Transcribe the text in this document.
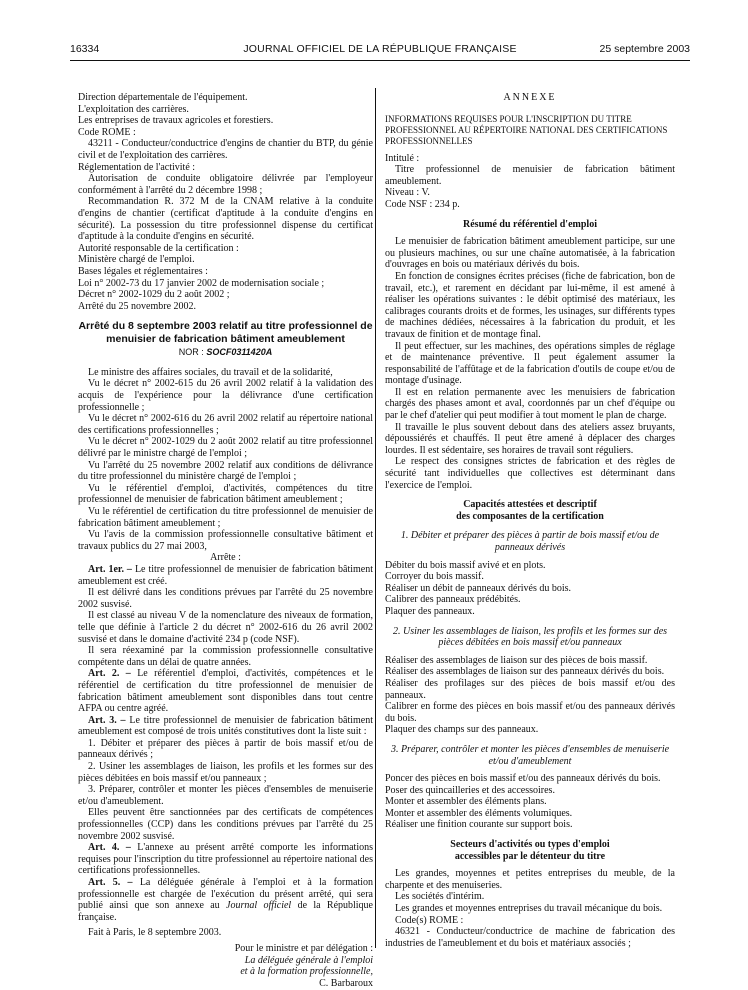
16334	JOURNAL OFFICIEL DE LA RÉPUBLIQUE FRANÇAISE	25 septembre 2003

Direction départementale de l'équipement.

L'exploitation des carrières.

Les entreprises de travaux agricoles et forestiers.

Code ROME :

43211 - Conducteur/conductrice d'engins de chantier du BTP, du génie civil et de l'exploitation des carrières.

Réglementation de l'activité :

Autorisation de conduite obligatoire délivrée par l'employeur conformément à l'arrêté du 2 décembre 1998 ;

Recommandation R. 372 M de la CNAM relative à la conduite d'engins de chantier (certificat d'aptitude à la conduite d'engins en sécurité). La possession du titre professionnel dispense du certificat d'aptitude à la conduite d'engins en sécurité.

Autorité responsable de la certification :

Ministère chargé de l'emploi.

Bases légales et réglementaires :

Loi n° 2002-73 du 17 janvier 2002 de modernisation sociale ;

Décret n° 2002-1029 du 2 août 2002 ;

Arrêté du 25 novembre 2002.

Arrêté du 8 septembre 2003 relatif au titre professionnel de menuisier de fabrication bâtiment ameublement
NOR : SOCF0311420A

Le ministre des affaires sociales, du travail et de la solidarité,

Vu le décret n° 2002-615 du 26 avril 2002 relatif à la validation des acquis de l'expérience pour la délivrance d'une certification professionnelle ;

Vu le décret n° 2002-616 du 26 avril 2002 relatif au répertoire national des certifications professionnelles ;

Vu le décret n° 2002-1029 du 2 août 2002 relatif au titre professionnel délivré par le ministre chargé de l'emploi ;

Vu l'arrêté du 25 novembre 2002 relatif aux conditions de délivrance du titre professionnel du ministère chargé de l'emploi ;

Vu le référentiel d'emploi, d'activités, compétences du titre professionnel de menuisier de fabrication bâtiment ameublement ;

Vu le référentiel de certification du titre professionnel de menuisier de fabrication bâtiment ameublement ;

Vu l'avis de la commission professionnelle consultative bâtiment et travaux publics du 27 mai 2003,

Arrête :

Art. 1er. – Le titre professionnel de menuisier de fabrication bâtiment ameublement est créé.

Il est délivré dans les conditions prévues par l'arrêté du 25 novembre 2002 susvisé.

Il est classé au niveau V de la nomenclature des niveaux de formation, telle que définie à l'article 2 du décret n° 2002-616 du 26 avril 2002 susvisé et dans le domaine d'activité 234 p (code NSF).

Il sera réexaminé par la commission professionnelle consultative compétente dans un délai de quatre années.

Art. 2. – Le référentiel d'emploi, d'activités, compétences et le référentiel de certification du titre professionnel de menuisier de fabrication bâtiment ameublement sont disponibles dans tout centre AFPA ou centre agréé.

Art. 3. – Le titre professionnel de menuisier de fabrication bâtiment ameublement est composé de trois unités constitutives dont la liste suit :

1. Débiter et préparer des pièces à partir de bois massif et/ou de panneaux dérivés ;

2. Usiner les assemblages de liaison, les profils et les formes sur des pièces débitées en bois massif et/ou panneaux ;

3. Préparer, contrôler et monter les pièces d'ensembles de menuiserie et/ou d'ameublement.

Elles peuvent être sanctionnées par des certificats de compétences professionnelles (CCP) dans les conditions prévues par l'arrêté du 25 novembre 2002 susvisé.

Art. 4. – L'annexe au présent arrêté comporte les informations requises pour l'inscription du titre professionnel au répertoire national des certifications professionnelles.

Art. 5. – La déléguée générale à l'emploi et à la formation professionnelle est chargée de l'exécution du présent arrêté, qui sera publié ainsi que son annexe au Journal officiel de la République française.

Fait à Paris, le 8 septembre 2003.

Pour le ministre et par délégation :
La déléguée générale à l'emploi
et à la formation professionnelle,
C. Barbaroux
ANNEXE
INFORMATIONS REQUISES POUR L'INSCRIPTION DU TITRE PROFESSIONNEL AU RÉPERTOIRE NATIONAL DES CERTIFICATIONS PROFESSIONNELLES

Intitulé :

Titre professionnel de menuisier de fabrication bâtiment ameublement.

Niveau : V.

Code NSF : 234 p.

Résumé du référentiel d'emploi

Le menuisier de fabrication bâtiment ameublement participe, sur une ou plusieurs machines, ou sur une chaîne automatisée, à la fabrication d'ouvrages en bois ou matériaux dérivés du bois.

En fonction de consignes écrites précises (fiche de fabrication, bon de travail, etc.), et rarement en décidant par lui-même, il est amené à réaliser les opérations suivantes : le débit optimisé des matériaux, les calibrages courants droits et de formes, les usinages, sur différents types de machines dédiées, nécessaires à la fabrication du produit, et les travaux de finition et de montage final.

Il peut effectuer, sur les machines, des opérations simples de réglage et de maintenance préventive. Il peut également assumer la responsabilité de l'affûtage et de la fabrication d'outils de coupe et/ou de montage d'usinage.

Il est en relation permanente avec les menuisiers de fabrication chargés des phases amont et aval, coordonnés par un chef d'équipe ou par le chef d'atelier qui peut modifier à tout moment le plan de charge.

Il travaille le plus souvent debout dans des ateliers assez bruyants, dépoussiérés et chauffés. Il peut être amené à déplacer des charges lourdes. Il est sédentaire, ses horaires de travail sont réguliers.

Le respect des consignes strictes de fabrication et des règles de sécurité tant individuelles que collectives est déterminant dans l'exercice de l'emploi.

Capacités attestées et descriptif
des composantes de la certification
1. Débiter et préparer des pièces à partir de bois massif et/ou de panneaux dérivés

Débiter du bois massif avivé et en plots.

Corroyer du bois massif.

Réaliser un débit de panneaux dérivés du bois.

Calibrer des panneaux prédébités.

Plaquer des panneaux.

2. Usiner les assemblages de liaison, les profils et les formes sur des pièces débitées en bois massif et/ou panneaux

Réaliser des assemblages de liaison sur des pièces de bois massif.

Réaliser des assemblages de liaison sur des panneaux dérivés du bois.

Réaliser des profilages sur des pièces de bois massif et/ou des panneaux.

Calibrer en forme des pièces en bois massif et/ou des panneaux dérivés du bois.

Plaquer des champs sur des panneaux.

3. Préparer, contrôler et monter les pièces d'ensembles de menuiserie et/ou d'ameublement

Poncer des pièces en bois massif et/ou des panneaux dérivés du bois.

Poser des quincailleries et des accessoires.

Monter et assembler des éléments plans.

Monter et assembler des éléments volumiques.

Réaliser une finition courante sur support bois.

Secteurs d'activités ou types d'emploi
accessibles par le détenteur du titre

Les grandes, moyennes et petites entreprises du meuble, de la charpente et des menuiseries.

Les sociétés d'intérim.

Les grandes et moyennes entreprises du travail mécanique du bois.

Code(s) ROME :

46321 - Conducteur/conductrice de machine de fabrication des industries de l'ameublement et du bois et matériaux associés ;
